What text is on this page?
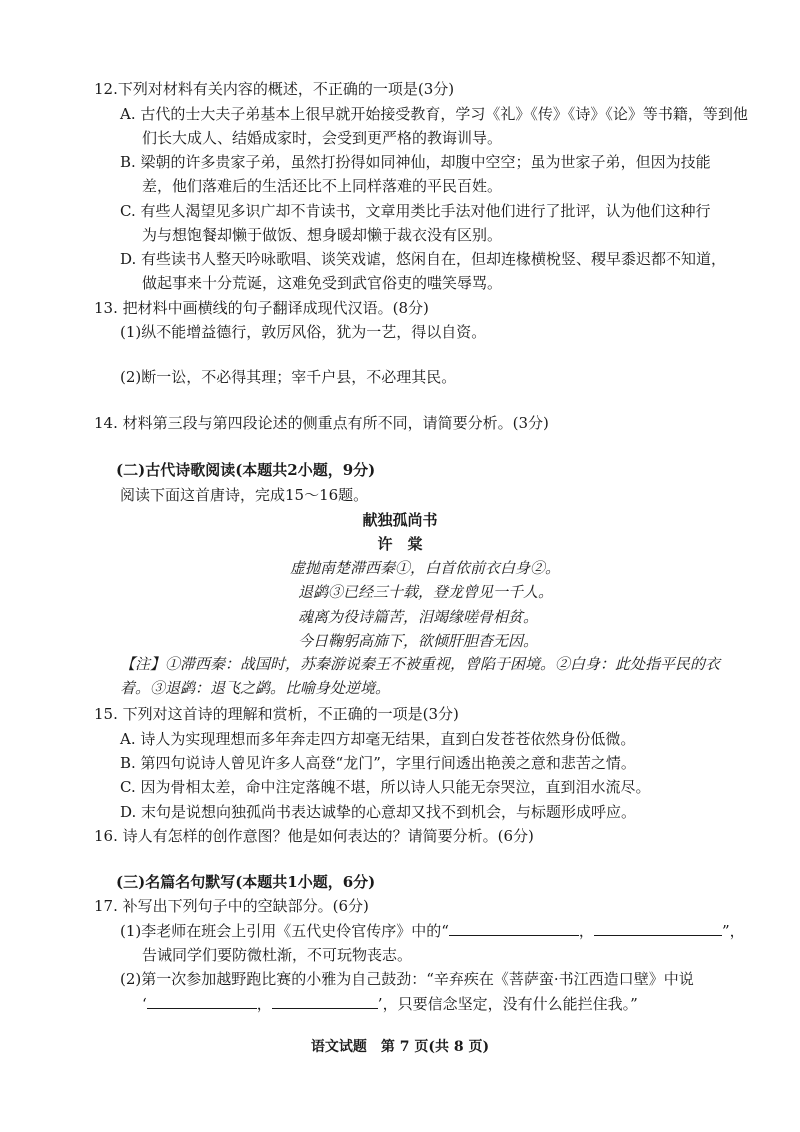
12.下列对材料有关内容的概述，不正确的一项是(3分)
A. 古代的士大夫子弟基本上很早就开始接受教育，学习《礼》《传》《诗》《论》等书籍，等到他
们长大成人、结婚成家时，会受到更严格的教诲训导。
B. 梁朝的许多贵家子弟，虽然打扮得如同神仙，却腹中空空；虽为世家子弟，但因为技能
差，他们落难后的生活还比不上同样落难的平民百姓。
C. 有些人渴望见多识广却不肯读书，文章用类比手法对他们进行了批评，认为他们这种行
为与想饱餐却懒于做饭、想身暖却懒于裁衣没有区别。
D. 有些读书人整天吟咏歌唱、谈笑戏谑，悠闲自在，但却连椽横梲竖、稷早黍迟都不知道，
做起事来十分荒诞，这难免受到武官俗吏的嗤笑辱骂。
13. 把材料中画横线的句子翻译成现代汉语。(8分)
(1)纵不能增益德行，敦厉风俗，犹为一艺，得以自资。
(2)断一讼，不必得其理；宰千户县，不必理其民。
14. 材料第三段与第四段论述的侧重点有所不同，请简要分析。(3分)
(二)古代诗歌阅读(本题共2小题，9分)
阅读下面这首唐诗，完成15～16题。
献独孤尚书
许　棠
虚抛南楚滞西秦①，白首依前衣白身②。
退鹢③已经三十载，登龙曾见一千人。
魂离为役诗篇苦，泪竭缘嗟骨相贫。
今日鞠躬高旆下，欲倾肝胆杳无因。
【注】①滞西秦：战国时，苏秦游说秦王不被重视，曾陷于困境。②白身：此处指平民的衣
着。③退鹢：退飞之鹢。比喻身处逆境。
15. 下列对这首诗的理解和赏析，不正确的一项是(3分)
A. 诗人为实现理想而多年奔走四方却毫无结果，直到白发苍苍依然身份低微。
B. 第四句说诗人曾见许多人高登“龙门”，字里行间透出艳羡之意和悲苦之情。
C. 因为骨相太差，命中注定落魄不堪，所以诗人只能无奈哭泣，直到泪水流尽。
D. 末句是说想向独孤尚书表达诚挚的心意却又找不到机会，与标题形成呼应。
16. 诗人有怎样的创作意图？他是如何表达的？请简要分析。(6分)
(三)名篇名句默写(本题共1小题，6分)
17. 补写出下列句子中的空缺部分。(6分)
(1)李老师在班会上引用《五代史伶官传序》中的“	，	”，
告诫同学们要防微杜渐，不可玩物丧志。
(2)第一次参加越野跑比赛的小雅为自己鼓劲：“辛弃疾在《菩萨蛮·书江西造口壁》中说
‘	，	’，只要信念坚定，没有什么能拦住我。”
语文试题　第 7 页(共 8 页)
